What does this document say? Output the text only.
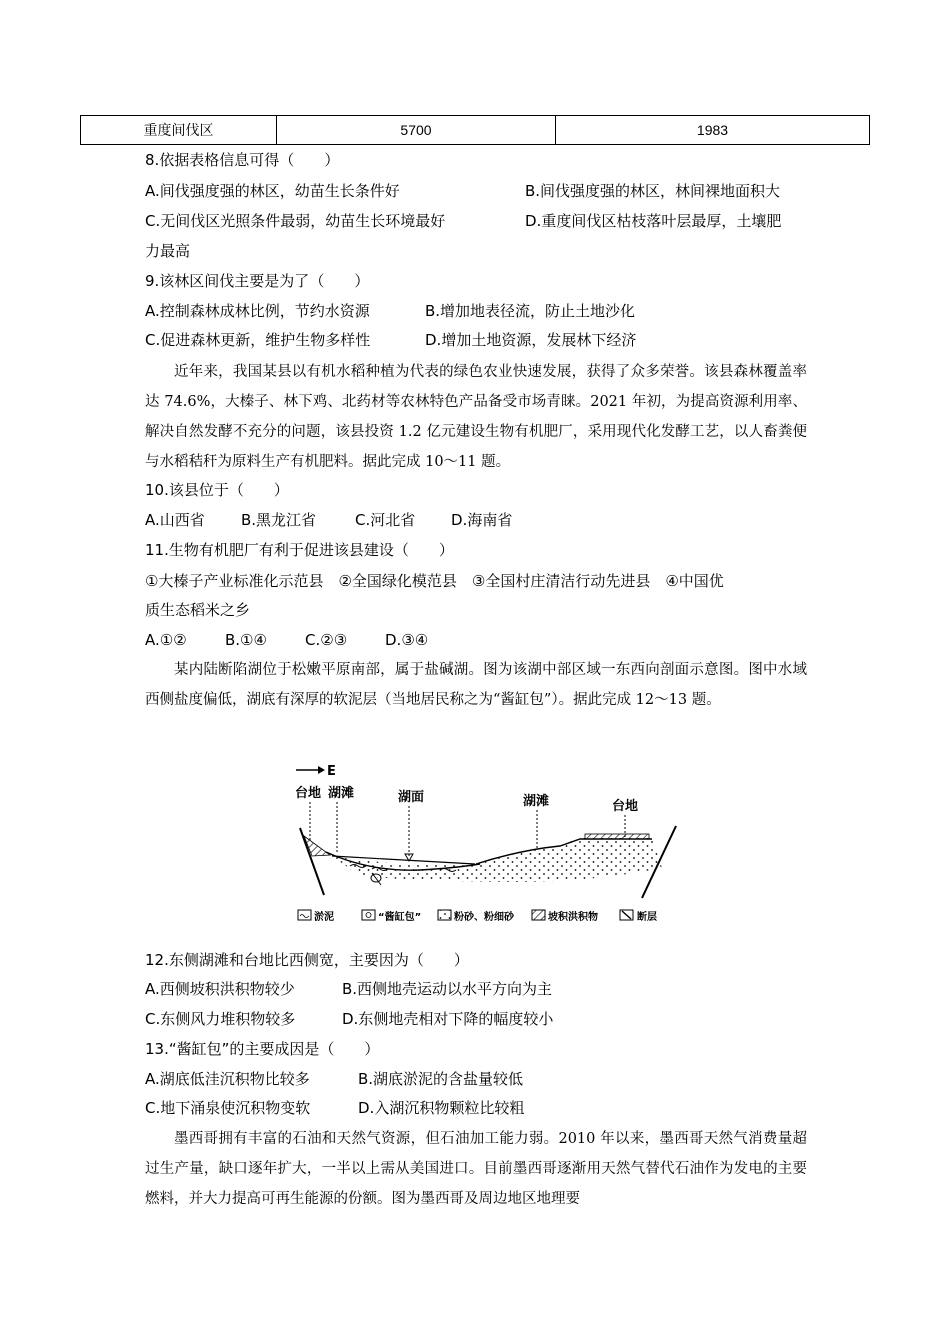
重度间伐区	5700	1983
8.依据表格信息可得（　　）
A.间伐强度强的林区，幼苗生长条件好	B.间伐强度强的林区，林间裸地面积大
C.无间伐区光照条件最弱，幼苗生长环境最好	D.重度间伐区枯枝落叶层最厚，土壤肥
力最高
9.该林区间伐主要是为了（　　）
A.控制森林成林比例，节约水资源	B.增加地表径流，防止土地沙化
C.促进森林更新，维护生物多样性	D.增加土地资源，发展林下经济
近年来，我国某县以有机水稻种植为代表的绿色农业快速发展，获得了众多荣誉。该县森林覆盖率达 74.6%，大榛子、林下鸡、北药材等农林特色产品备受市场青睐。2021 年初，为提高资源利用率、解决自然发酵不充分的问题，该县投资 1.2 亿元建设生物有机肥厂，采用现代化发酵工艺，以人畜粪便与水稻秸秆为原料生产有机肥料。据此完成 10～11 题。
10.该县位于（　　）
A.山西省 B.黑龙江省	C.河北省 D.海南省
11.生物有机肥厂有利于促进该县建设（　　）
①大榛子产业标准化示范县　②全国绿化模范县　③全国村庄清洁行动先进县　④中国优
质生态稻米之乡
A.①②	B.①④	C.②③	D.③④
某内陆断陷湖位于松嫩平原南部，属于盐碱湖。图为该湖中部区域一东西向剖面示意图。图中水域西侧盐度偏低，湖底有深厚的软泥层（当地居民称之为“酱缸包”）。据此完成 12～13 题。
E
台地 湖滩	湖面	湖滩	台地
淤泥	“酱缸包”	粉砂、粉细砂	坡积洪积物	断层
12.东侧湖滩和台地比西侧宽，主要因为（　　）
A.西侧坡积洪积物较少	B.西侧地壳运动以水平方向为主
C.东侧风力堆积物较多	D.东侧地壳相对下降的幅度较小
13.“酱缸包”的主要成因是（　　）
A.湖底低洼沉积物比较多	B.湖底淤泥的含盐量较低
C.地下涌泉使沉积物变软	D.入湖沉积物颗粒比较粗
墨西哥拥有丰富的石油和天然气资源，但石油加工能力弱。2010 年以来，墨西哥天然气消费量超过生产量，缺口逐年扩大，一半以上需从美国进口。目前墨西哥逐渐用天然气替代石油作为发电的主要燃料，并大力提高可再生能源的份额。图为墨西哥及周边地区地理要
